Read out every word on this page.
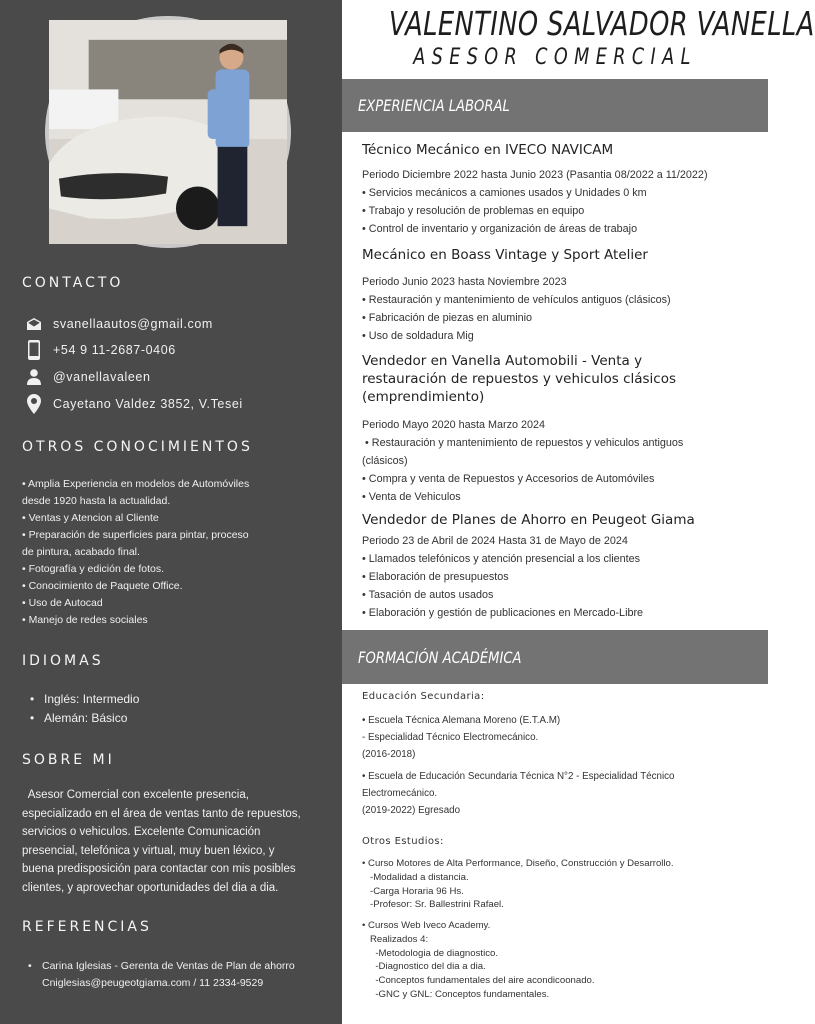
CONTACTO
svanellaautos@gmail.com
+54 9 11-2687-0406
@vanellavaleen
Cayetano Valdez 3852, V.Tesei
OTROS CONOCIMIENTOS
• Amplia Experiencia en modelos de Automóviles
desde 1920 hasta la actualidad.
• Ventas y Atencion al Cliente
• Preparación de superficies para pintar, proceso
de pintura, acabado final.
• Fotografía y edición de fotos.
• Conocimiento de Paquete Office.
• Uso de Autocad
• Manejo de redes sociales
IDIOMAS
• Inglés: Intermedio
• Alemán: Básico
SOBRE MI
Asesor Comercial con excelente presencia,
especializado en el área de ventas tanto de repuestos,
servicios o vehiculos. Excelente Comunicación
presencial, telefónica y virtual, muy buen léxico, y
buena predisposición para contactar con mis posibles
clientes, y aprovechar oportunidades del dia a dia.
REFERENCIAS
• Carina Iglesias - Gerenta de Ventas de Plan de ahorro
Cniglesias@peugeotgiama.com / 11 2334-9529
VALENTINO SALVADOR VANELLA
ASESOR COMERCIAL
EXPERIENCIA LABORAL
Técnico Mecánico en IVECO NAVICAM
Periodo Diciembre 2022 hasta Junio 2023 (Pasantia 08/2022 a 11/2022)
• Servicios mecánicos a camiones usados y Unidades 0 km
• Trabajo y resolución de problemas en equipo
• Control de inventario y organización de áreas de trabajo
Mecánico en Boass Vintage y Sport Atelier
Periodo Junio 2023 hasta Noviembre 2023
• Restauración y mantenimiento de vehículos antiguos (clásicos)
• Fabricación de piezas en aluminio
• Uso de soldadura Mig
Vendedor en Vanella Automobili - Venta y
restauración de repuestos y vehiculos clásicos
(emprendimiento)
Periodo Mayo 2020 hasta Marzo 2024
• Restauración y mantenimiento de repuestos y vehiculos antiguos
(clásicos)
• Compra y venta de Repuestos y Accesorios de Automóviles
• Venta de Vehiculos
Vendedor de Planes de Ahorro en Peugeot Giama
Periodo 23 de Abril de 2024 Hasta 31 de Mayo de 2024
• Llamados telefónicos y atención presencial a los clientes
• Elaboración de presupuestos
• Tasación de autos usados
• Elaboración y gestión de publicaciones en Mercado-Libre
FORMACIÓN ACADÉMICA
Educación Secundaria:
• Escuela Técnica Alemana Moreno (E.T.A.M)
- Especialidad Técnico Electromecánico.
(2016-2018)
• Escuela de Educación Secundaria Técnica N°2 - Especialidad Técnico
Electromecánico.
(2019-2022) Egresado
Otros Estudios:
• Curso Motores de Alta Performance, Diseño, Construcción y Desarrollo.
-Modalidad a distancia.
-Carga Horaria 96 Hs.
-Profesor: Sr. Ballestrini Rafael.
• Cursos Web Iveco Academy.
Realizados 4:
-Metodologia de diagnostico.
-Diagnostico del dia a dia.
-Conceptos fundamentales del aire acondicoonado.
-GNC y GNL: Conceptos fundamentales.
